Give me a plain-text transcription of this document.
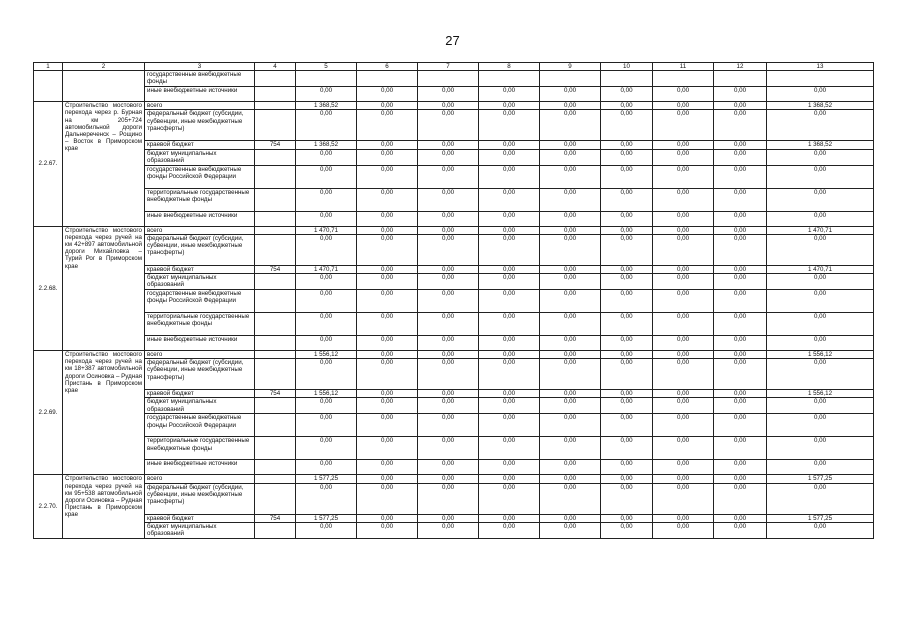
27
1	2	3	4	5	6	7	8	9	10	11	12	13
		государственные внебюджетные фонды										
		иные внебюджетные источники		0,00	0,00	0,00	0,00	0,00	0,00	0,00	0,00	0,00
2.2.67.	Строительство мостового перехода через р. Бурная на км 205+724 автомобильной дороги Дальнереченск – Рощино – Восток в Приморском крае	всего		1 368,52	0,00	0,00	0,00	0,00	0,00	0,00	0,00	1 368,52
		федеральный бюджет (субсидии, субвенции, иные межбюджетные трансферты)		0,00	0,00	0,00	0,00	0,00	0,00	0,00	0,00	0,00
		краевой бюджет	754	1 368,52	0,00	0,00	0,00	0,00	0,00	0,00	0,00	1 368,52
		бюджет муниципальных образований		0,00	0,00	0,00	0,00	0,00	0,00	0,00	0,00	0,00
		государственные внебюджетные фонды Российской Федерации		0,00	0,00	0,00	0,00	0,00	0,00	0,00	0,00	0,00
		территориальные государственные внебюджетные фонды		0,00	0,00	0,00	0,00	0,00	0,00	0,00	0,00	0,00
		иные внебюджетные источники		0,00	0,00	0,00	0,00	0,00	0,00	0,00	0,00	0,00
2.2.68.	Строительство мостового перехода через ручей на км 42+897 автомобильной дороги Михайловка – Турий Рог в Приморском крае	всего		1 470,71	0,00	0,00	0,00	0,00	0,00	0,00	0,00	1 470,71
		федеральный бюджет (субсидии, субвенции, иные межбюджетные трансферты)		0,00	0,00	0,00	0,00	0,00	0,00	0,00	0,00	0,00
		краевой бюджет	754	1 470,71	0,00	0,00	0,00	0,00	0,00	0,00	0,00	1 470,71
		бюджет муниципальных образований		0,00	0,00	0,00	0,00	0,00	0,00	0,00	0,00	0,00
		государственные внебюджетные фонды Российской Федерации		0,00	0,00	0,00	0,00	0,00	0,00	0,00	0,00	0,00
		территориальные государственные внебюджетные фонды		0,00	0,00	0,00	0,00	0,00	0,00	0,00	0,00	0,00
		иные внебюджетные источники		0,00	0,00	0,00	0,00	0,00	0,00	0,00	0,00	0,00
2.2.69.	Строительство мостового перехода через ручей на км 18+387 автомобильной дороги Осиновка – Рудная Пристань в Приморском крае	всего		1 556,12	0,00	0,00	0,00	0,00	0,00	0,00	0,00	1 556,12
		федеральный бюджет (субсидии, субвенции, иные межбюджетные трансферты)		0,00	0,00	0,00	0,00	0,00	0,00	0,00	0,00	0,00
		краевой бюджет	754	1 556,12	0,00	0,00	0,00	0,00	0,00	0,00	0,00	1 556,12
		бюджет муниципальных образований		0,00	0,00	0,00	0,00	0,00	0,00	0,00	0,00	0,00
		государственные внебюджетные фонды Российской Федерации		0,00	0,00	0,00	0,00	0,00	0,00	0,00	0,00	0,00
		территориальные государственные внебюджетные фонды		0,00	0,00	0,00	0,00	0,00	0,00	0,00	0,00	0,00
		иные внебюджетные источники		0,00	0,00	0,00	0,00	0,00	0,00	0,00	0,00	0,00
2.2.70.	Строительство мостового перехода через ручей на км 95+538 автомобильной дороги Осиновка – Рудная Пристань в Приморском крае	всего		1 577,25	0,00	0,00	0,00	0,00	0,00	0,00	0,00	1 577,25
		федеральный бюджет (субсидии, субвенции, иные межбюджетные трансферты)		0,00	0,00	0,00	0,00	0,00	0,00	0,00	0,00	0,00
		краевой бюджет	754	1 577,25	0,00	0,00	0,00	0,00	0,00	0,00	0,00	1 577,25
		бюджет муниципальных образований		0,00	0,00	0,00	0,00	0,00	0,00	0,00	0,00	0,00
